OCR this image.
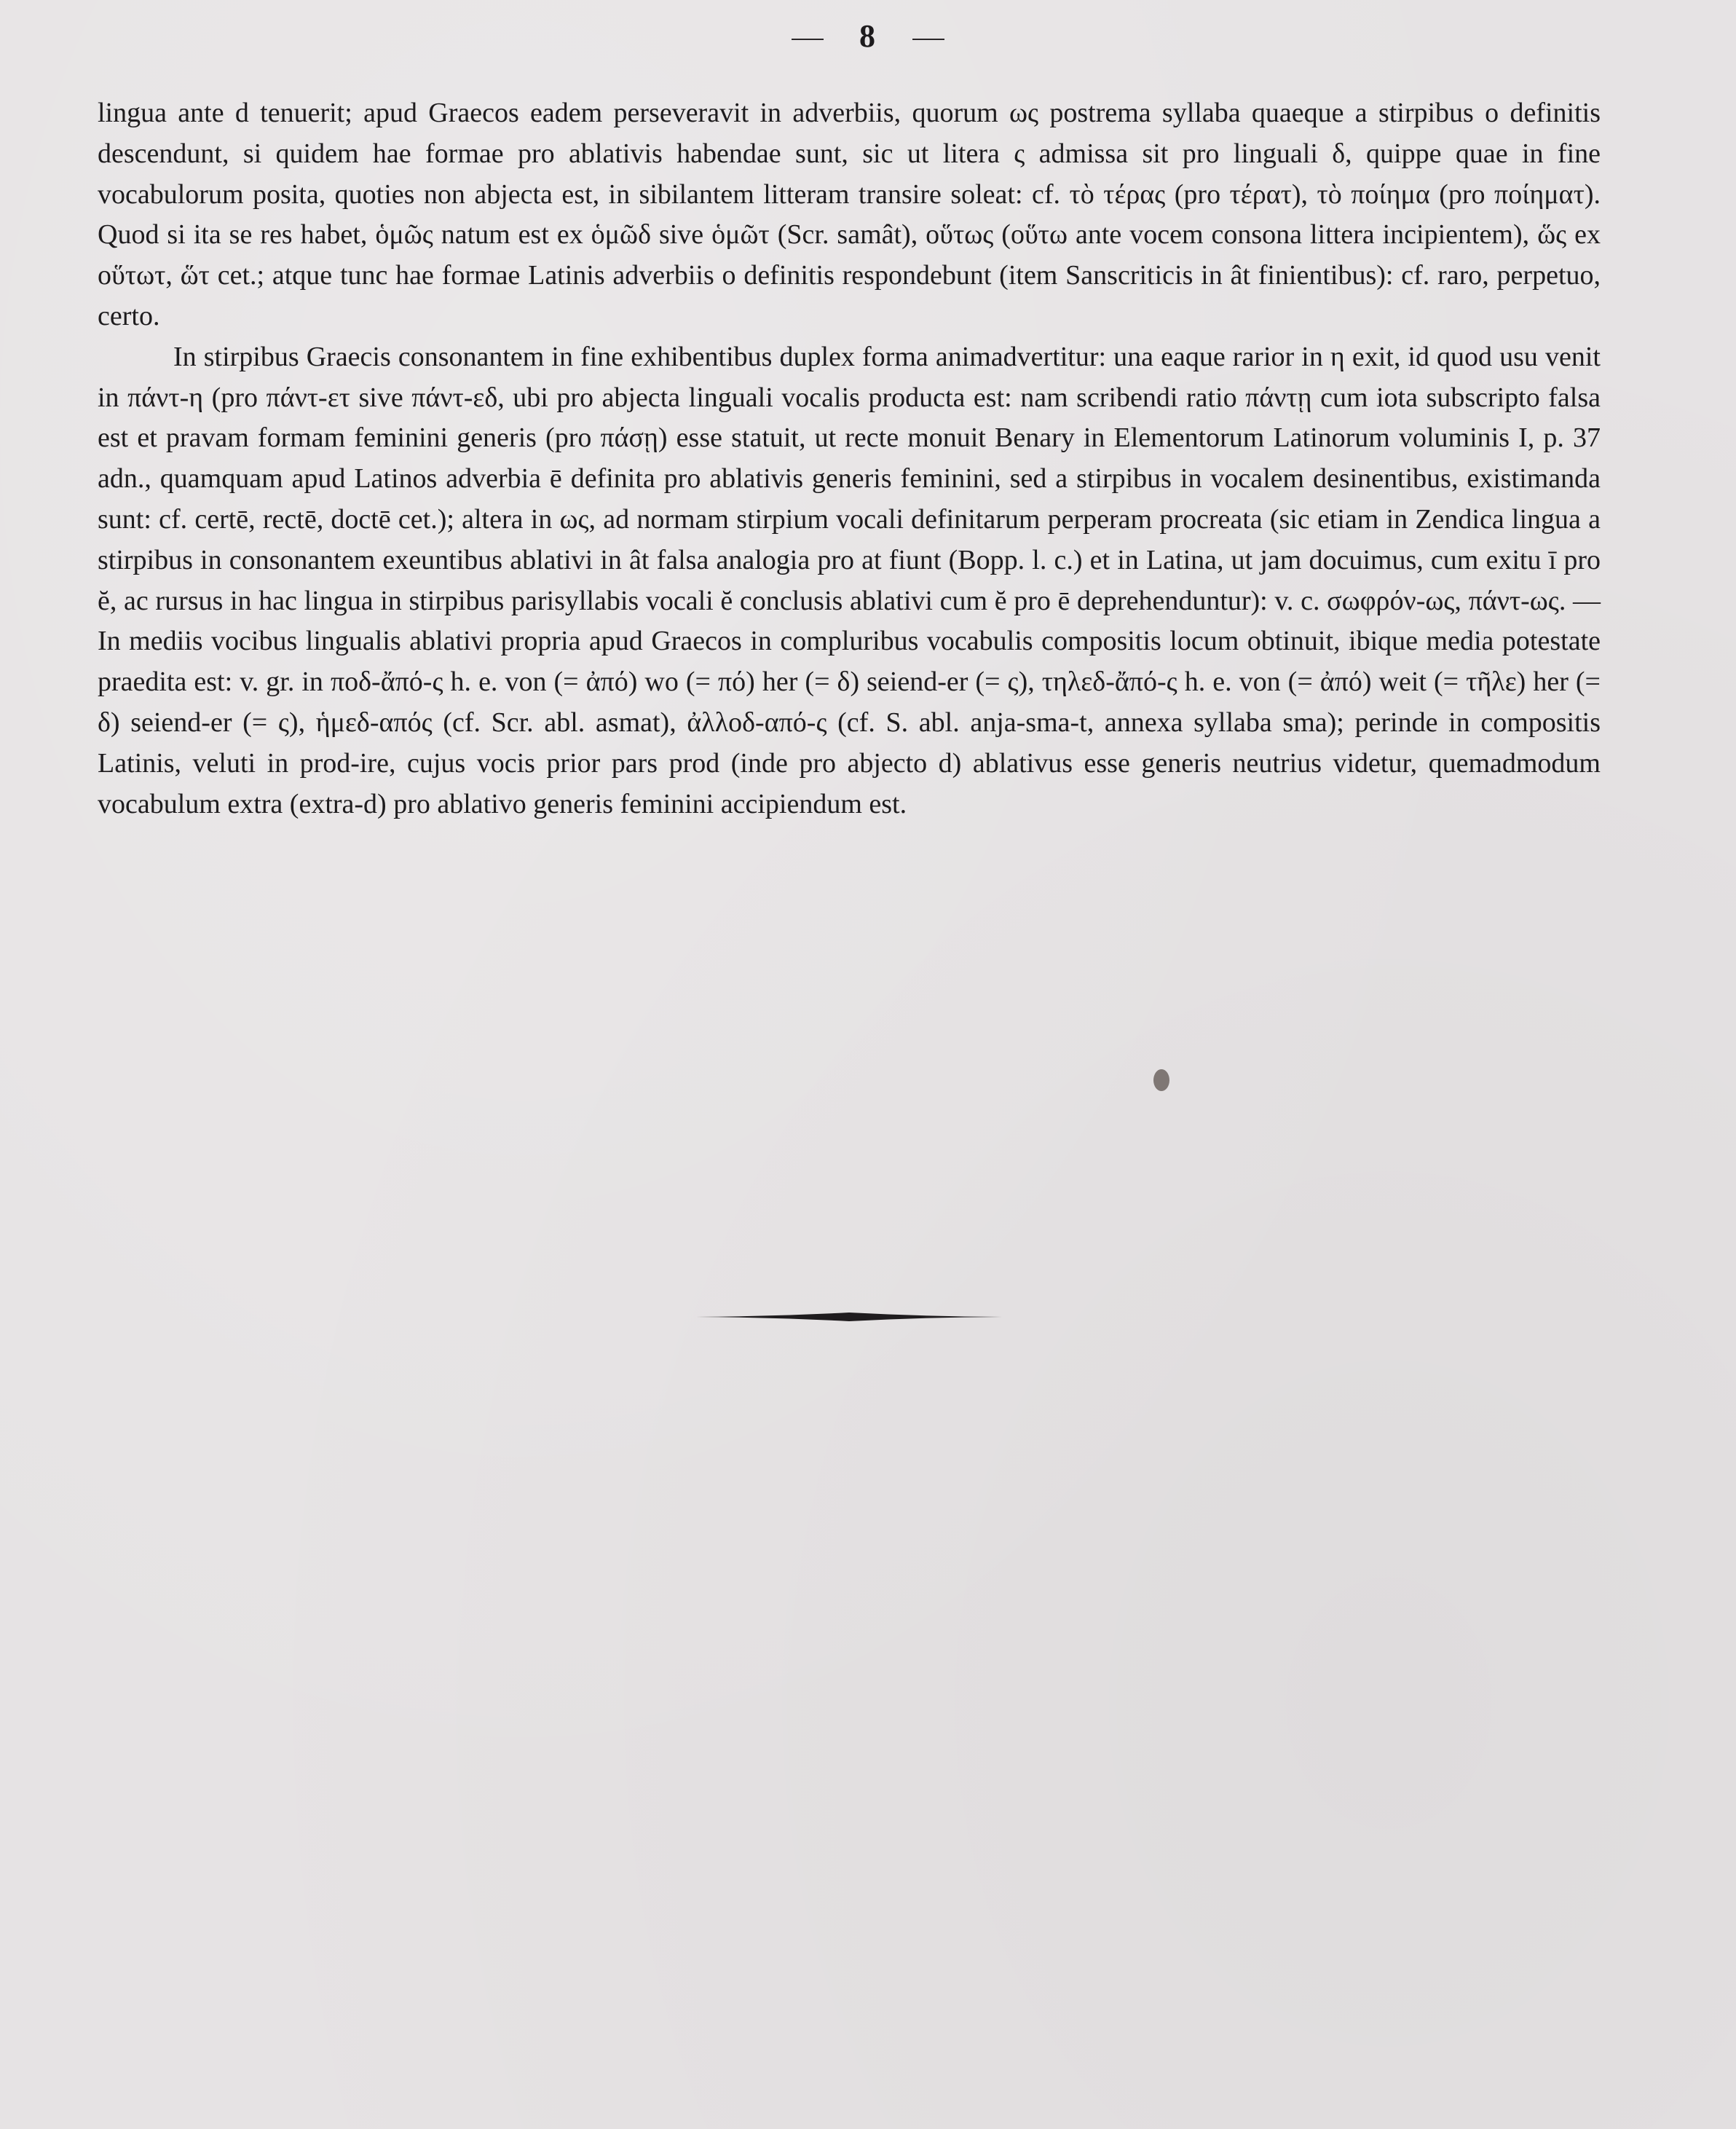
8

lingua ante d tenuerit; apud Graecos eadem perseveravit in adverbiis, quorum ως postrema syllaba quaeque a stirpibus o definitis descendunt, si quidem hae formae pro ablativis habendae sunt, sic ut litera ς admissa sit pro linguali δ, quippe quae in fine vocabulorum posita, quoties non abjecta est, in sibilantem litteram transire soleat: cf. τὸ τέρας (pro τέρατ), τὸ ποίημα (pro ποίηματ). Quod si ita se res habet, ὁμῶς natum est ex ὁμῶδ sive ὁμῶτ (Scr. samât), οὕτως (οὕτω ante vocem consona littera incipientem), ὥς ex οὕτωτ, ὥτ cet.; atque tunc hae formae Latinis adverbiis o definitis respondebunt (item Sanscriticis in ât finientibus): cf. raro, perpetuo, certo.

In stirpibus Graecis consonantem in fine exhibentibus duplex forma animadvertitur: una eaque rarior in η exit, id quod usu venit in πάντ-η (pro πάντ-ετ sive πάντ-εδ, ubi pro abjecta linguali vocalis producta est: nam scribendi ratio πάντῃ cum iota subscripto falsa est et pravam formam feminini generis (pro πάσῃ) esse statuit, ut recte monuit Benary in Elementorum Latinorum voluminis I, p. 37 adn., quamquam apud Latinos adverbia ē definita pro ablativis generis feminini, sed a stirpibus in vocalem desinentibus, existimanda sunt: cf. certē, rectē, doctē cet.); altera in ως, ad normam stirpium vocali definitarum perperam procreata (sic etiam in Zendica lingua a stirpibus in consonantem exeuntibus ablativi in ât falsa analogia pro at fiunt (Bopp. l. c.) et in Latina, ut jam docuimus, cum exitu ī pro ĕ, ac rursus in hac lingua in stirpibus parisyllabis vocali ĕ conclusis ablativi cum ĕ pro ē deprehenduntur): v. c. σωφρόν-ως, πάντ-ως. — In mediis vocibus lingualis ablativi propria apud Graecos in compluribus vocabulis compositis locum obtinuit, ibique media potestate praedita est: v. gr. in ποδ-ἄπό-ς h. e. von (= ἀπό) wo (= πό) her (= δ) seiend-er (= ς), τηλεδ-ἄπό-ς h. e. von (= ἀπό) weit (= τῆλε) her (= δ) seiend-er (= ς), ἡμεδ-απός (cf. Scr. abl. asmat), ἀλλοδ-από-ς (cf. S. abl. anja-sma-t, annexa syllaba sma); perinde in compositis Latinis, veluti in prod-ire, cujus vocis prior pars prod (inde pro abjecto d) ablativus esse generis neutrius videtur, quemadmodum vocabulum extra (extra-d) pro ablativo generis feminini accipiendum est.
